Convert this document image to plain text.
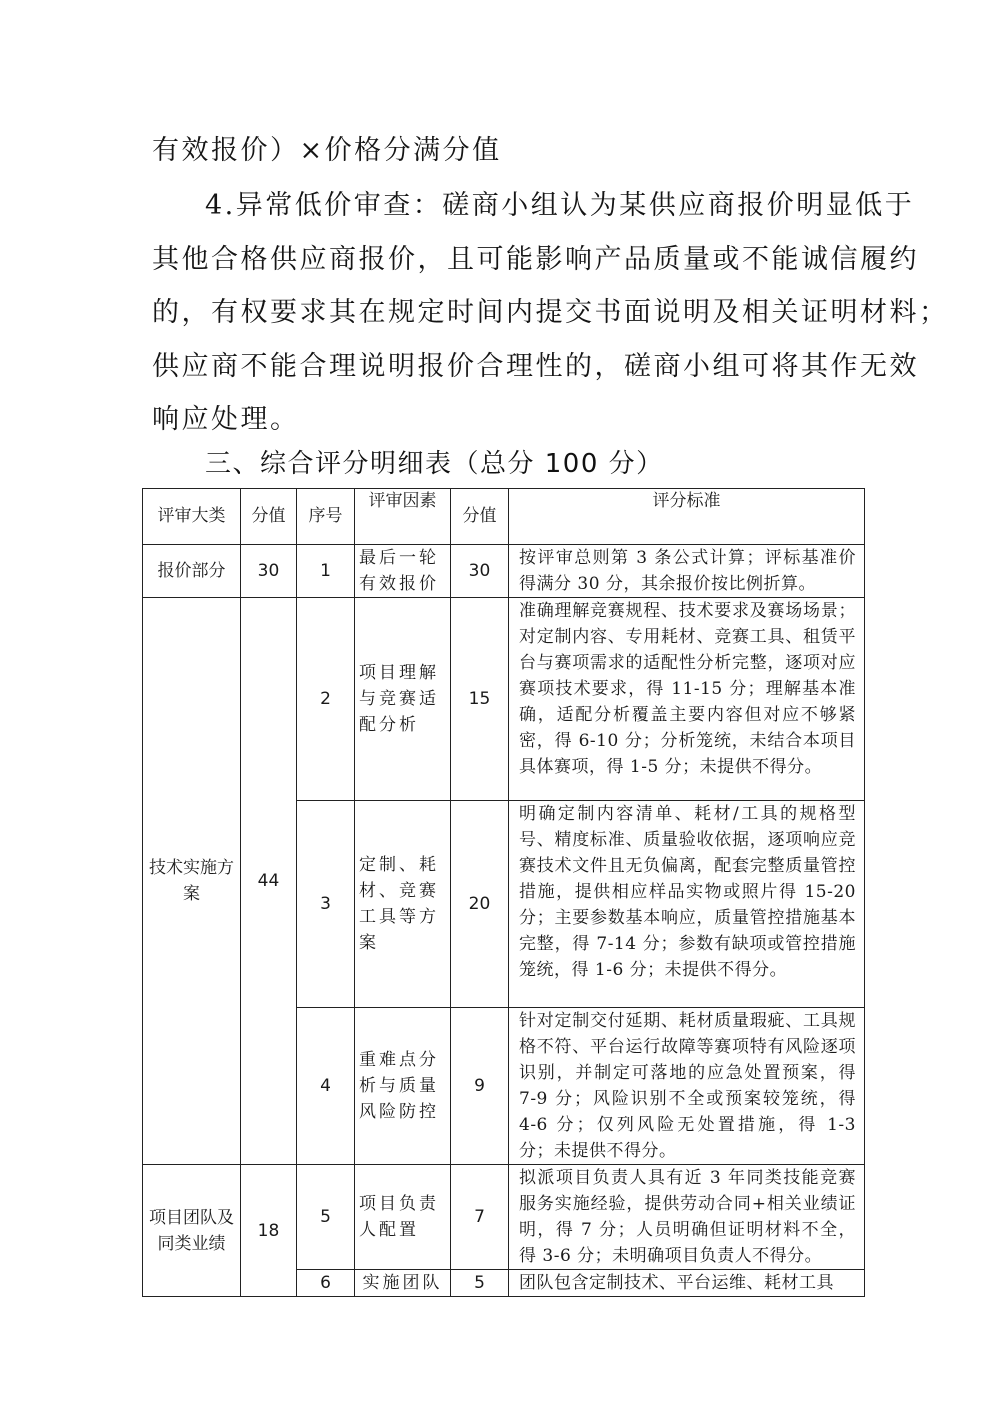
有效报价）×价格分满分值
4.异常低价审查：磋商小组认为某供应商报价明显低于
其他合格供应商报价，且可能影响产品质量或不能诚信履约
的，有权要求其在规定时间内提交书面说明及相关证明材料；
供应商不能合理说明报价合理性的，磋商小组可将其作无效
响应处理。
三、综合评分明细表（总分 100 分）
评审大类	分值	序号	评审因素	分值	评分标准
报价部分	30	1	最后一轮有效报价	30	按评审总则第 3 条公式计算；评标基准价得满分 30 分，其余报价按比例折算。
技术实施方案	44	2	项目理解与竞赛适配分析	15	准确理解竞赛规程、技术要求及赛场场景；对定制内容、专用耗材、竞赛工具、租赁平台与赛项需求的适配性分析完整，逐项对应赛项技术要求，得 11-15 分；理解基本准确，适配分析覆盖主要内容但对应不够紧密，得 6-10 分；分析笼统，未结合本项目具体赛项，得 1-5 分；未提供不得分。
		3	定制、耗材、竞赛工具等方案	20	明确定制内容清单、耗材/工具的规格型号、精度标准、质量验收依据，逐项响应竞赛技术文件且无负偏离，配套完整质量管控措施，提供相应样品实物或照片得 15-20 分；主要参数基本响应，质量管控措施基本完整，得 7-14 分；参数有缺项或管控措施笼统，得 1-6 分；未提供不得分。
		4	重难点分析与质量风险防控	9	针对定制交付延期、耗材质量瑕疵、工具规格不符、平台运行故障等赛项特有风险逐项识别，并制定可落地的应急处置预案，得 7-9 分；风险识别不全或预案较笼统，得 4-6 分；仅列风险无处置措施，得 1-3 分；未提供不得分。
项目团队及同类业绩	18	5	项目负责人配置	7	拟派项目负责人具有近 3 年同类技能竞赛服务实施经验，提供劳动合同+相关业绩证明，得 7 分；人员明确但证明材料不全，得 3-6 分；未明确项目负责人不得分。
		6	实施团队	5	团队包含定制技术、平台运维、耗材工具
